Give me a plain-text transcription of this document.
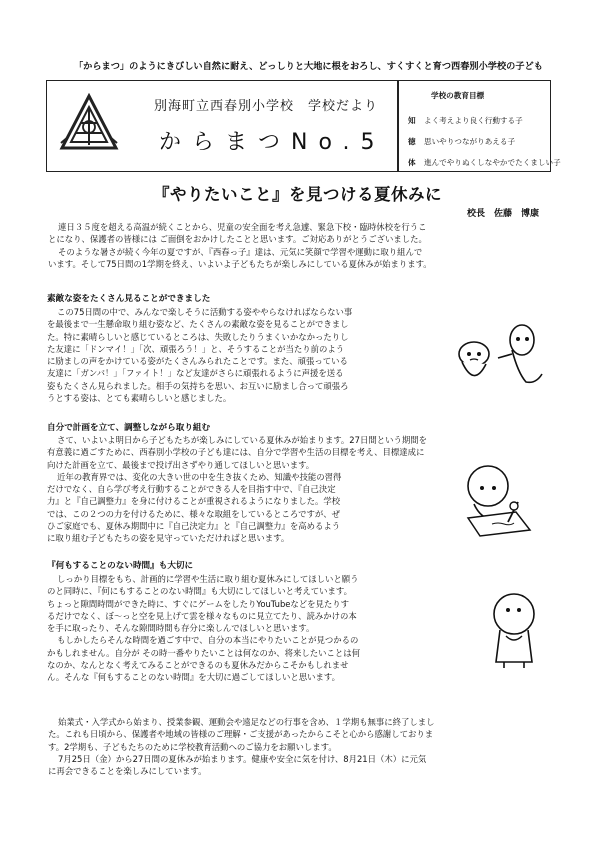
「からまつ」のようにきびしい自然に耐え、どっしりと大地に根をおろし、すくすくと育つ西春別小学校の子ども
別海町立西春別小学校　学校だより
からまつNo.5
学校の教育目標
知 よく考えより良く行動する子
徳 思いやりつながりあえる子
体 進んでやりぬくしなやかでたくましい子
『やりたいこと』を見つける夏休みに
校長　佐藤　博康
連日３５度を超える高温が続くことから、児童の安全面を考え急遽、緊急下校・臨時休校を行うこ
とになり、保護者の皆様には ご面倒をおかけしたことと思います。ご対応ありがとうございました。
そのような暑さが続く今年の夏ですが、『西春っ子』達は、元気に笑顔で学習や運動に取り組んで
います。そして75日間の1学期を終え、いよいよ子どもたちが楽しみにしている夏休みが始まります。
素敵な姿をたくさん見ることができました
この75日間の中で、みんなで楽しそうに活動する姿ややらなければならない事
を最後まで一生懸命取り組む姿など、たくさんの素敵な姿を見ることができまし
た。特に素晴らしいと感じているところは、失敗したりうまくいかなかったりし
た友達に「ドンマイ！」「次、頑張ろう！」と、そうすることが当たり前のよう
に励ましの声をかけている姿がたくさんみられたことです。また、頑張っている
友達に「ガンバ！」「ファイト！」など友達がさらに頑張れるように声援を送る
姿もたくさん見られました。相手の気持ちを思い、お互いに励まし合って頑張ろ
うとする姿は、とても素晴らしいと感じました。
自分で計画を立て、調整しながら取り組む
さて、いよいよ明日から子どもたちが楽しみにしている夏休みが始まります。27日間という期間を
有意義に過ごすために、西春別小学校の子ども達には、自分で学習や生活の目標を考え、目標達成に
向けた計画を立て、最後まで投げ出さずやり通してほしいと思います。
近年の教育界では、変化の大きい世の中を生き抜くため、知識や技能の習得
だけでなく、自ら学び考え行動することができる人を目指す中で、『自己決定
力』と『自己調整力』を身に付けることが重視されるようになりました。学校
では、この２つの力を付けるために、様々な取組をしているところですが、ぜ
ひご家庭でも、夏休み期間中に『自己決定力』と『自己調整力』を高めるよう
に取り組む子どもたちの姿を見守っていただければと思います。
『何もすることのない時間』も大切に
しっかり目標をもち、計画的に学習や生活に取り組む夏休みにしてほしいと願う
のと同時に、『何にもすることのない時間』も大切にしてほしいと考えています。
ちょっと隙間時間ができた時に、すぐにゲームをしたりYouTubeなどを見たりす
るだけでなく、ぼ～っと空を見上げて雲を様々なものに見立てたり、読みかけの本
を手に取ったり、そんな隙間時間も存分に楽しんでほしいと思います。
もしかしたらそんな時間を過ごす中で、自分の本当にやりたいことが見つかるの
かもしれません。自分が その時一番やりたいことは何なのか、将来したいことは何
なのか、なんとなく考えてみることができるのも夏休みだからこそかもしれませ
ん。そんな『何もすることのない時間』を大切に過ごしてほしいと思います。
始業式・入学式から始まり、授業参観、運動会や遠足などの行事を含め、１学期も無事に終了しまし
た。これも日頃から、保護者や地域の皆様のご理解・ご支援があったからこそと心から感謝しておりま
す。2学期も、子どもたちのために学校教育活動へのご協力をお願いします。
7月25日（金）から27日間の夏休みが始まります。健康や安全に気を付け、8月21日（木）に元気
に再会できることを楽しみにしています。
